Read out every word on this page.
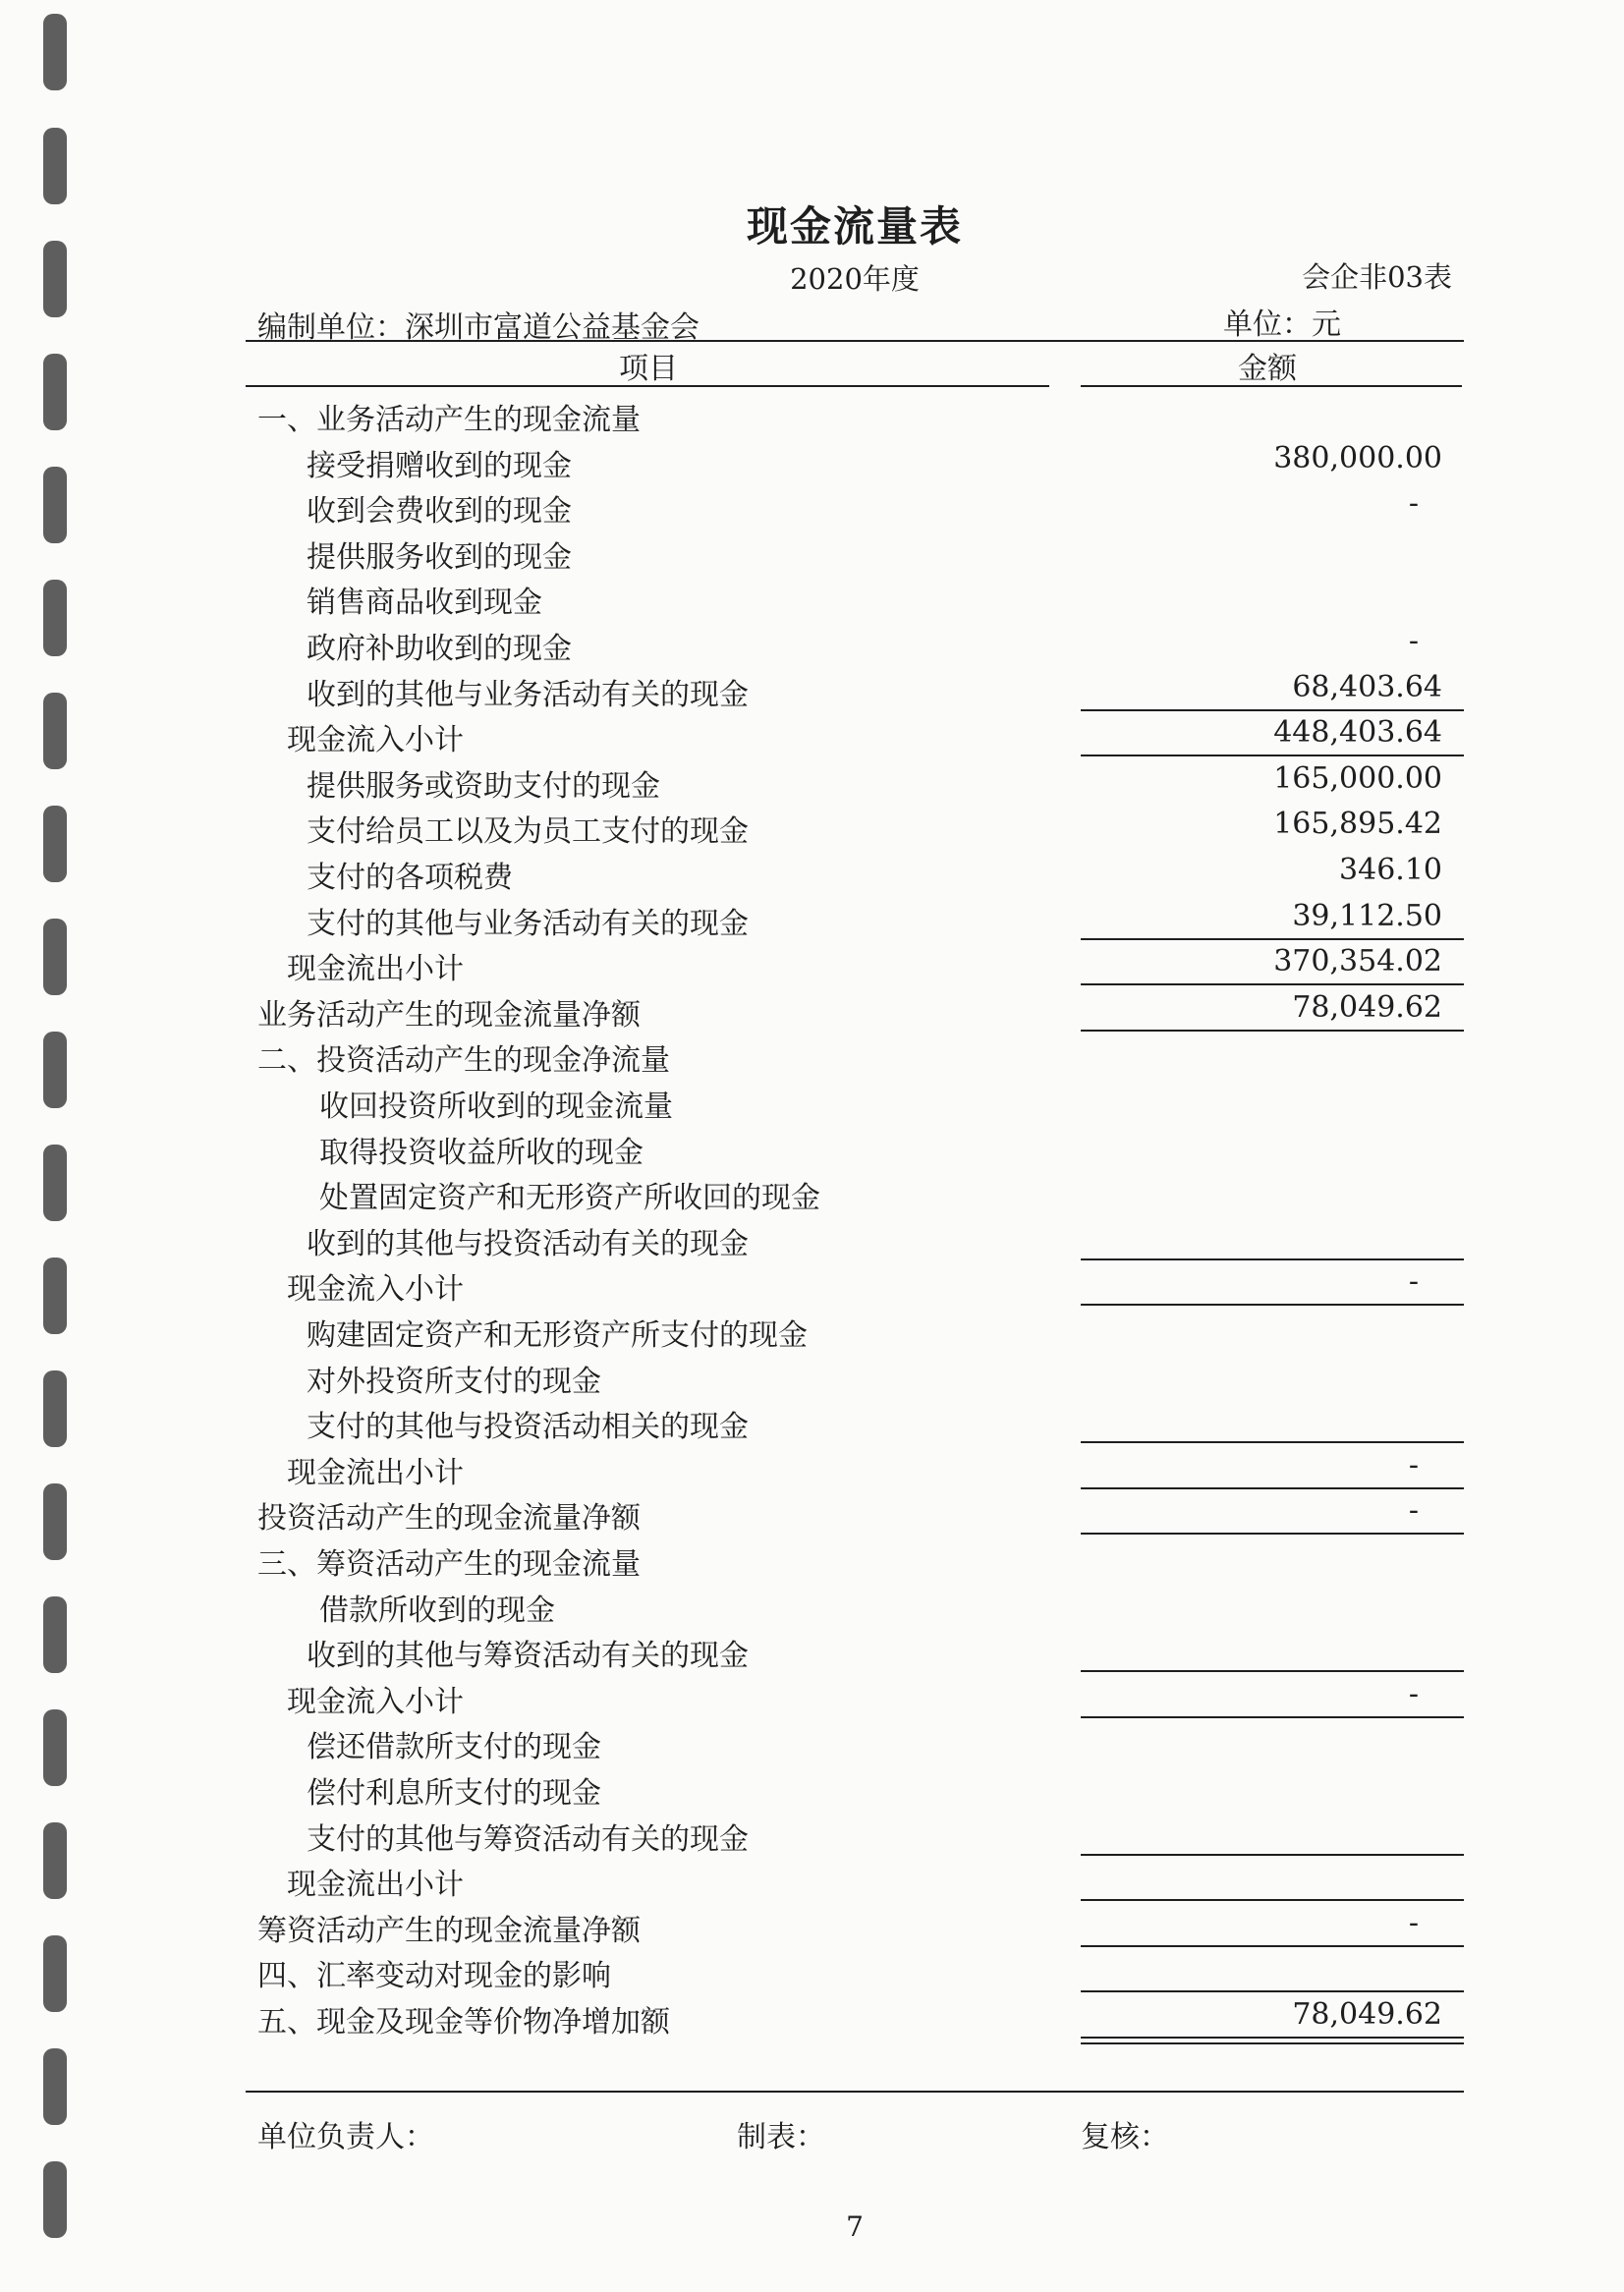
现金流量表
2020年度	会企非03表
编制单位：深圳市富道公益基金会	单位：元
项目	金额
一、业务活动产生的现金流量
接受捐赠收到的现金	380,000.00
收到会费收到的现金	-
提供服务收到的现金
销售商品收到现金
政府补助收到的现金	-
收到的其他与业务活动有关的现金	68,403.64
现金流入小计	448,403.64
提供服务或资助支付的现金	165,000.00
支付给员工以及为员工支付的现金	165,895.42
支付的各项税费	346.10
支付的其他与业务活动有关的现金	39,112.50
现金流出小计	370,354.02
业务活动产生的现金流量净额	78,049.62
二、投资活动产生的现金净流量
收回投资所收到的现金流量
取得投资收益所收的现金
处置固定资产和无形资产所收回的现金
收到的其他与投资活动有关的现金
现金流入小计	-
购建固定资产和无形资产所支付的现金
对外投资所支付的现金
支付的其他与投资活动相关的现金
现金流出小计	-
投资活动产生的现金流量净额	-
三、筹资活动产生的现金流量
借款所收到的现金
收到的其他与筹资活动有关的现金
现金流入小计	-
偿还借款所支付的现金
偿付利息所支付的现金
支付的其他与筹资活动有关的现金
现金流出小计
筹资活动产生的现金流量净额	-
四、汇率变动对现金的影响
五、现金及现金等价物净增加额	78,049.62
单位负责人：	制表：	复核：
7
